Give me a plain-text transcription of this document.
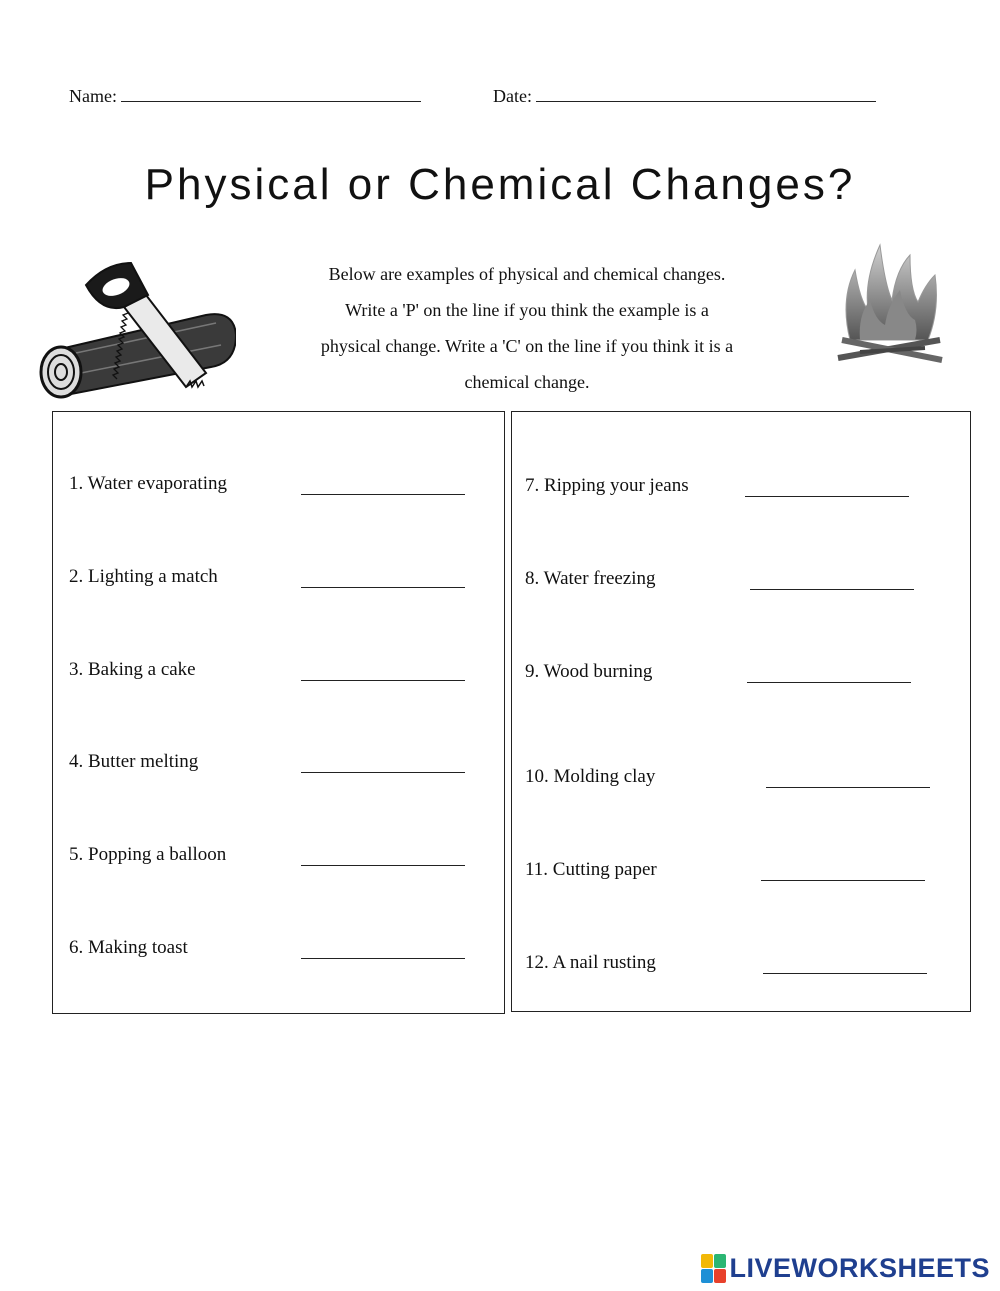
Name:	Date:
Physical or Chemical Changes?
Below are examples of physical and chemical changes.
Write a 'P' on the line if you think the example is a
physical change. Write a 'C' on the line if you think it is a
chemical change.
1. Water evaporating
2. Lighting a match
3. Baking a cake
4. Butter melting
5. Popping a balloon
6. Making toast
7. Ripping your jeans
8. Water freezing
9. Wood burning
10. Molding clay
11. Cutting paper
12. A nail rusting
LIVEWORKSHEETS
